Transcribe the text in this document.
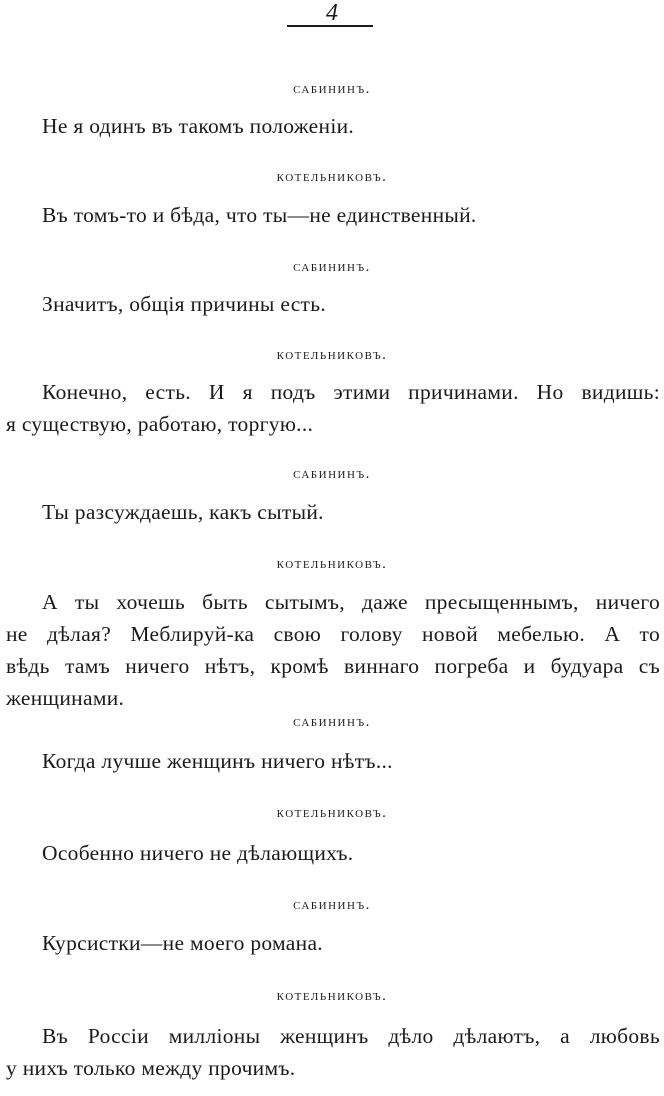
4
сабининъ.
Не я одинъ въ такомъ положеніи.
котельниковъ.
Въ томъ-то и бѣда, что ты—не единственный.
сабининъ.
Значитъ, общія причины есть.
котельниковъ.
Конечно, есть. И я подъ этими причинами. Но видишь:
я существую, работаю, торгую...
сабининъ.
Ты разсуждаешь, какъ сытый.
котельниковъ.
А ты хочешь быть сытымъ, даже пресыщеннымъ, ничего
не дѣлая? Меблируй-ка свою голову новой мебелью. А то
вѣдь тамъ ничего нѣтъ, кромѣ виннаго погреба и будуара съ
женщинами.
сабининъ.
Когда лучше женщинъ ничего нѣтъ...
котельниковъ.
Особенно ничего не дѣлающихъ.
сабининъ.
Курсистки—не моего романа.
котельниковъ.
Въ Россіи милліоны женщинъ дѣло дѣлаютъ, а любовь
у нихъ только между прочимъ.
